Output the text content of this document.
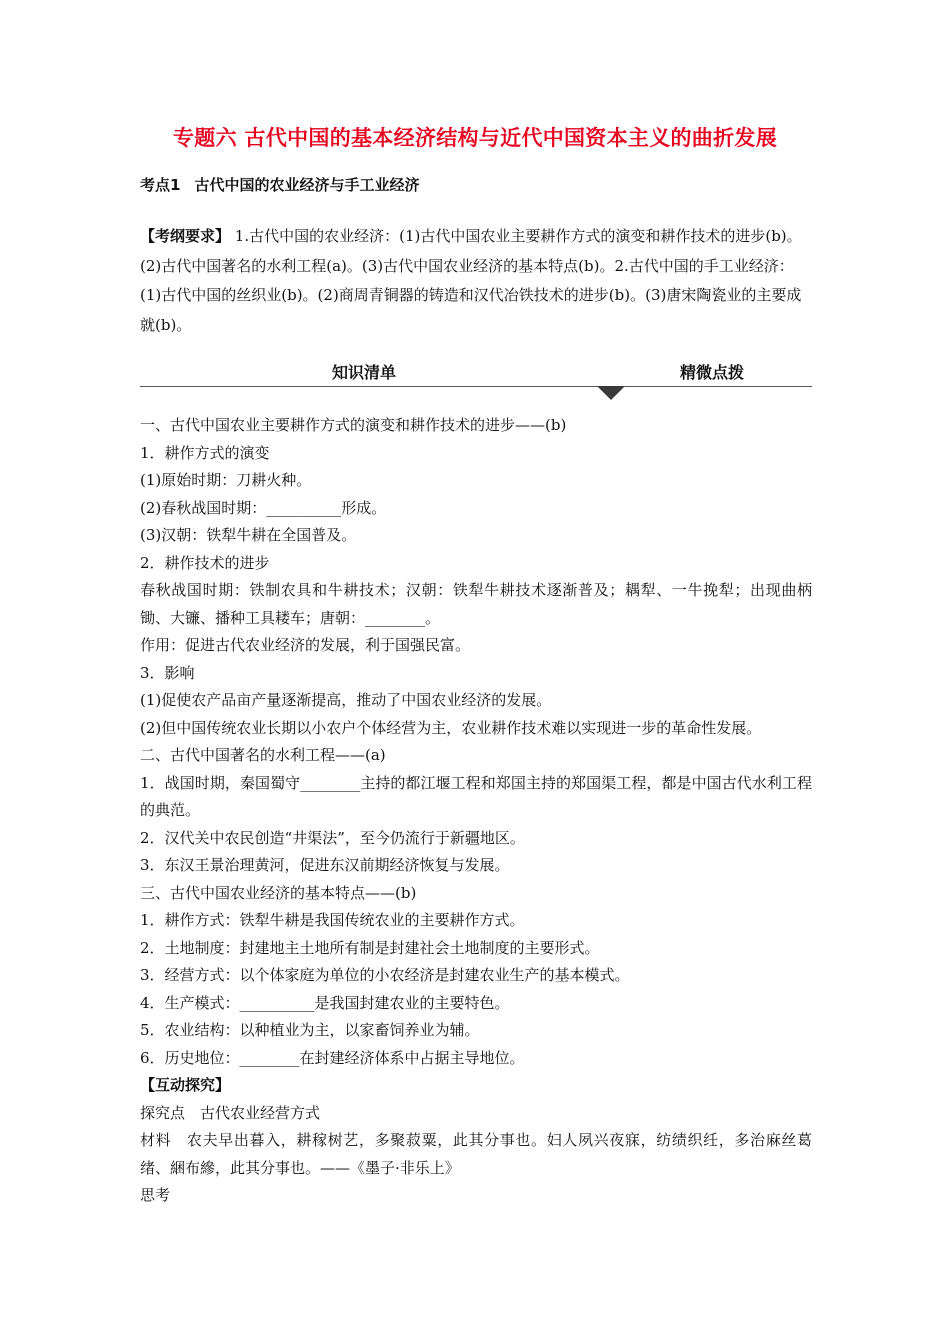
专题六 古代中国的基本经济结构与近代中国资本主义的曲折发展
考点1 古代中国的农业经济与手工业经济
【考纲要求】 1.古代中国的农业经济：(1)古代中国农业主要耕作方式的演变和耕作技术的进步(b)。(2)古代中国著名的水利工程(a)。(3)古代中国农业经济的基本特点(b)。2.古代中国的手工业经济：(1)古代中国的丝织业(b)。(2)商周青铜器的铸造和汉代冶铁技术的进步(b)。(3)唐宋陶瓷业的主要成就(b)。
知识清单	精微点拨

一、古代中国农业主要耕作方式的演变和耕作技术的进步——(b)

1．耕作方式的演变

(1)原始时期：刀耕火种。

(2)春秋战国时期：__________形成。

(3)汉朝：铁犁牛耕在全国普及。

2．耕作技术的进步

春秋战国时期：铁制农具和牛耕技术；汉朝：铁犁牛耕技术逐渐普及；耦犁、一牛挽犁；出现曲柄锄、大镰、播种工具耧车；唐朝：________。

作用：促进古代农业经济的发展，利于国强民富。

3．影响

(1)促使农产品亩产量逐渐提高，推动了中国农业经济的发展。

(2)但中国传统农业长期以小农户个体经营为主，农业耕作技术难以实现进一步的革命性发展。

二、古代中国著名的水利工程——(a)

1．战国时期，秦国蜀守________主持的都江堰工程和郑国主持的郑国渠工程，都是中国古代水利工程的典范。

2．汉代关中农民创造“井渠法”，至今仍流行于新疆地区。

3．东汉王景治理黄河，促进东汉前期经济恢复与发展。

三、古代中国农业经济的基本特点——(b)

1．耕作方式：铁犁牛耕是我国传统农业的主要耕作方式。

2．土地制度：封建地主土地所有制是封建社会土地制度的主要形式。

3．经营方式：以个体家庭为单位的小农经济是封建农业生产的基本模式。

4．生产模式：__________是我国封建农业的主要特色。

5．农业结构：以种植业为主，以家畜饲养业为辅。

6．历史地位：________在封建经济体系中占据主导地位。

【互动探究】

探究点　古代农业经营方式

材料　农夫早出暮入，耕稼树艺，多聚菽粟，此其分事也。妇人夙兴夜寐，纺绩织纴，多治麻丝葛绪、綑布縿，此其分事也。——《墨子·非乐上》

思考
